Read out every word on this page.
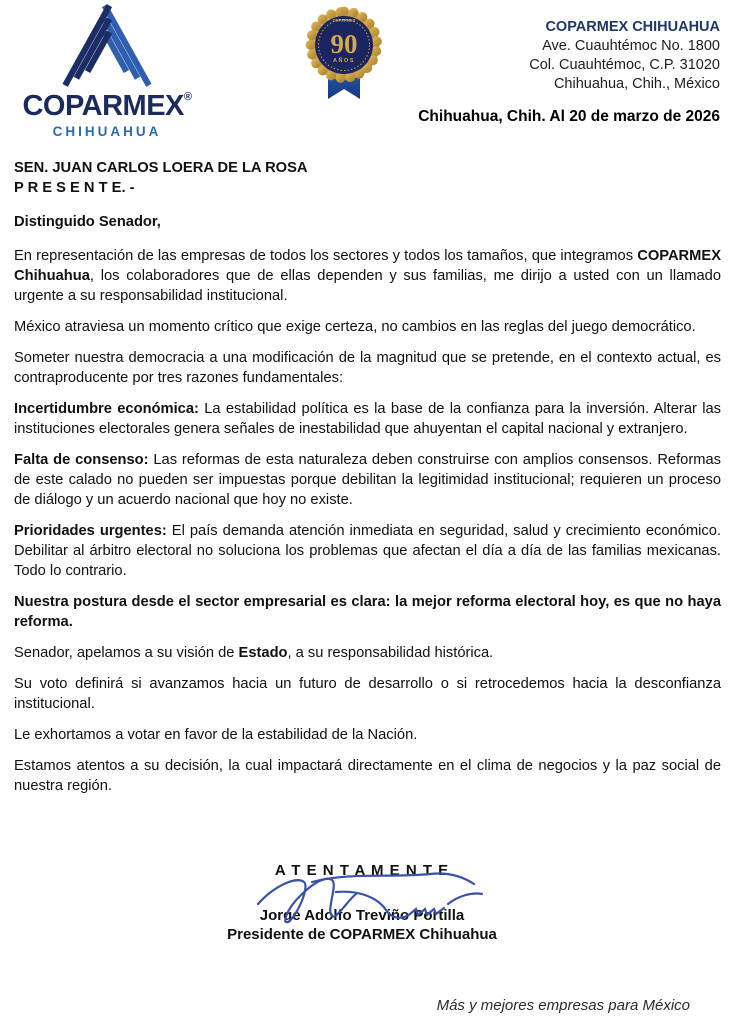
COPARMEX®
CHIHUAHUA
COPARMEX
90
AÑOS
COPARMEX CHIHUAHUA
Ave. Cuauhtémoc No. 1800
Col. Cuauhtémoc, C.P. 31020
Chihuahua, Chih., México
Chihuahua, Chih. Al 20 de marzo de 2026
SEN. JUAN CARLOS LOERA DE LA ROSA
P R E S E N T E. -
Distinguido Senador,

En representación de las empresas de todos los sectores y todos los tamaños, que integramos COPARMEX Chihuahua, los colaboradores que de ellas dependen y sus familias, me dirijo a usted con un llamado urgente a su responsabilidad institucional.

México atraviesa un momento crítico que exige certeza, no cambios en las reglas del juego democrático.

Someter nuestra democracia a una modificación de la magnitud que se pretende, en el contexto actual, es contraproducente por tres razones fundamentales:

Incertidumbre económica: La estabilidad política es la base de la confianza para la inversión. Alterar las instituciones electorales genera señales de inestabilidad que ahuyentan el capital nacional y extranjero.

Falta de consenso: Las reformas de esta naturaleza deben construirse con amplios consensos. Reformas de este calado no pueden ser impuestas porque debilitan la legitimidad institucional; requieren un proceso de diálogo y un acuerdo nacional que hoy no existe.

Prioridades urgentes: El país demanda atención inmediata en seguridad, salud y crecimiento económico. Debilitar al árbitro electoral no soluciona los problemas que afectan el día a día de las familias mexicanas. Todo lo contrario.

Nuestra postura desde el sector empresarial es clara: la mejor reforma electoral hoy, es que no haya reforma.

Senador, apelamos a su visión de Estado, a su responsabilidad histórica.

Su voto definirá si avanzamos hacia un futuro de desarrollo o si retrocedemos hacia la desconfianza institucional.

Le exhortamos a votar en favor de la estabilidad de la Nación.

Estamos atentos a su decisión, la cual impactará directamente en el clima de negocios y la paz social de nuestra región.

A T E N T A M E N T E
Jorge Adolfo Treviño Portilla
Presidente de COPARMEX Chihuahua
Más y mejores empresas para México
